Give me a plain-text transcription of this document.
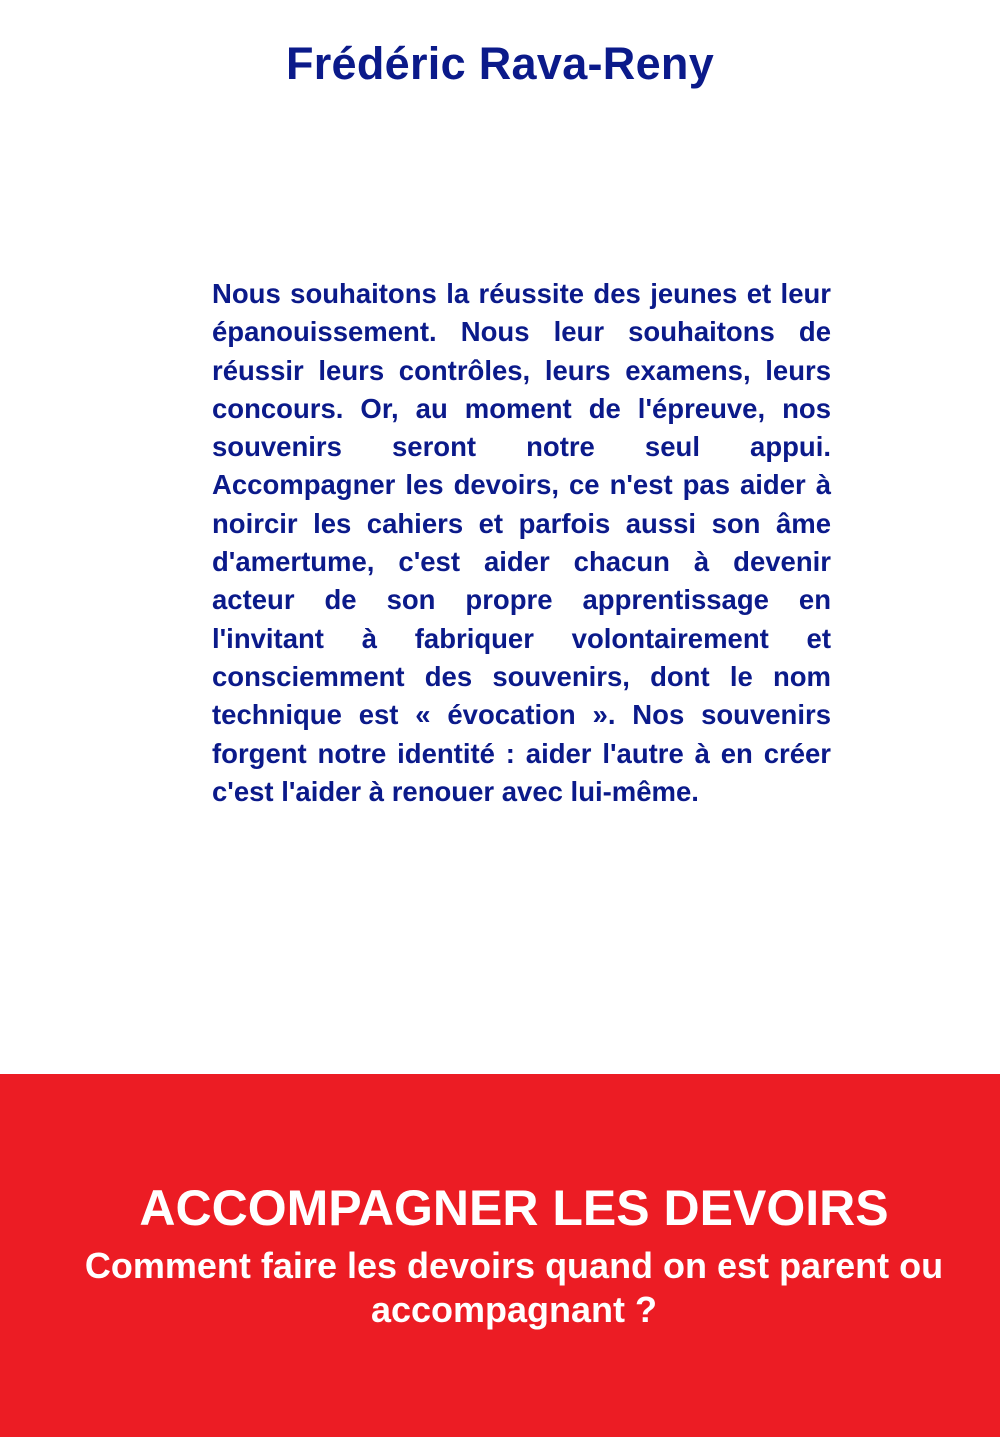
Frédéric Rava-Reny

Nous souhaitons la réussite des jeunes et leur épanouissement. Nous leur souhaitons de réussir leurs contrôles, leurs examens, leurs concours. Or, au moment de l'épreuve, nos souvenirs seront notre seul appui. Accompagner les devoirs, ce n'est pas aider à noircir les cahiers et parfois aussi son âme d'amertume, c'est aider chacun à devenir acteur de son propre apprentissage en l'invitant à fabriquer volontairement et consciemment des souvenirs, dont le nom technique est « évocation ». Nos souvenirs forgent notre identité : aider l'autre à en créer c'est l'aider à renouer avec lui-même.

ACCOMPAGNER LES DEVOIRS

Comment faire les devoirs quand on est parent ou accompagnant ?
